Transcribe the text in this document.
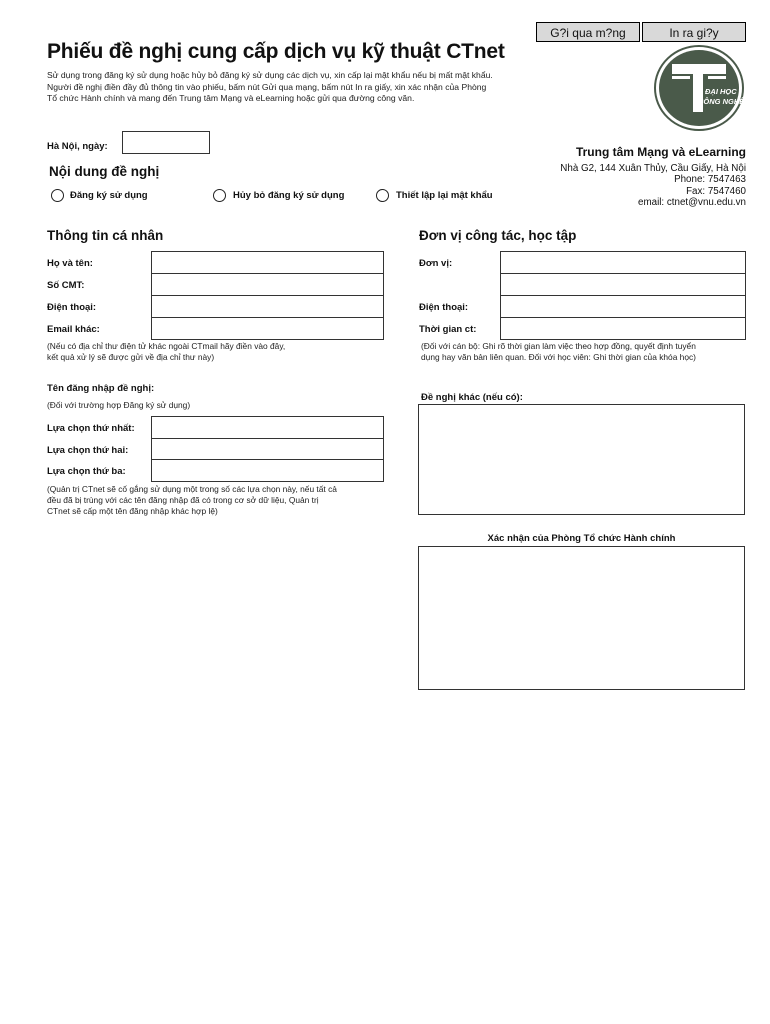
G?i qua m?ng	In ra gi?y
Phiếu đề nghị cung cấp dịch vụ kỹ thuật CTnet
Sử dụng trong đăng ký sử dụng hoặc hủy bỏ đăng ký sử dụng các dịch vụ, xin cấp lại mật khẩu nếu bị mất mật khẩu.
Người đề nghị điền đầy đủ thông tin vào phiếu, bấm nút Gửi qua mạng, bấm nút In ra giấy, xin xác nhận của Phòng
Tổ chức Hành chính và mang đến Trung tâm Mạng và eLearning hoặc gửi qua đường công văn.
ĐẠI HỌC
CÔNG NGHỆ
Hà Nội, ngày:	Trung tâm Mạng và eLearning
Nhà G2, 144 Xuân Thủy, Cầu Giấy, Hà Nội
Phone: 7547463
Fax: 7547460
email: ctnet@vnu.edu.vn
Nội dung đề nghị
Đăng ký sử dụng	Hủy bỏ đăng ký sử dụng	Thiết lập lại mật khẩu
Thông tin cá nhân
Họ và tên:
Số CMT:
Điện thoại:
Email khác:
(Nếu có địa chỉ thư điện tử khác ngoài CTmail hãy điền vào đây,
kết quả xử lý sẽ được gửi về địa chỉ thư này)
Tên đăng nhập đề nghị:
(Đối với trường hợp Đăng ký sử dụng)
Lựa chọn thứ nhất:
Lựa chọn thứ hai:
Lựa chọn thứ ba:
(Quản trị CTnet sẽ cố gắng sử dụng một trong số các lựa chọn này, nếu tất cả
đều đã bị trùng với các tên đăng nhập đã có trong cơ sở dữ liệu, Quản trị
CTnet sẽ cấp một tên đăng nhập khác hợp lệ)
Đơn vị công tác, học tập
Đơn vị:
Điện thoại:
Thời gian ct:
(Đối với cán bộ: Ghi rõ thời gian làm việc theo hợp đồng, quyết định tuyển
dụng hay văn bản liên quan. Đối với học viên: Ghi thời gian của khóa học)
Đề nghị khác (nếu có):
Xác nhận của Phòng Tổ chức Hành chính
